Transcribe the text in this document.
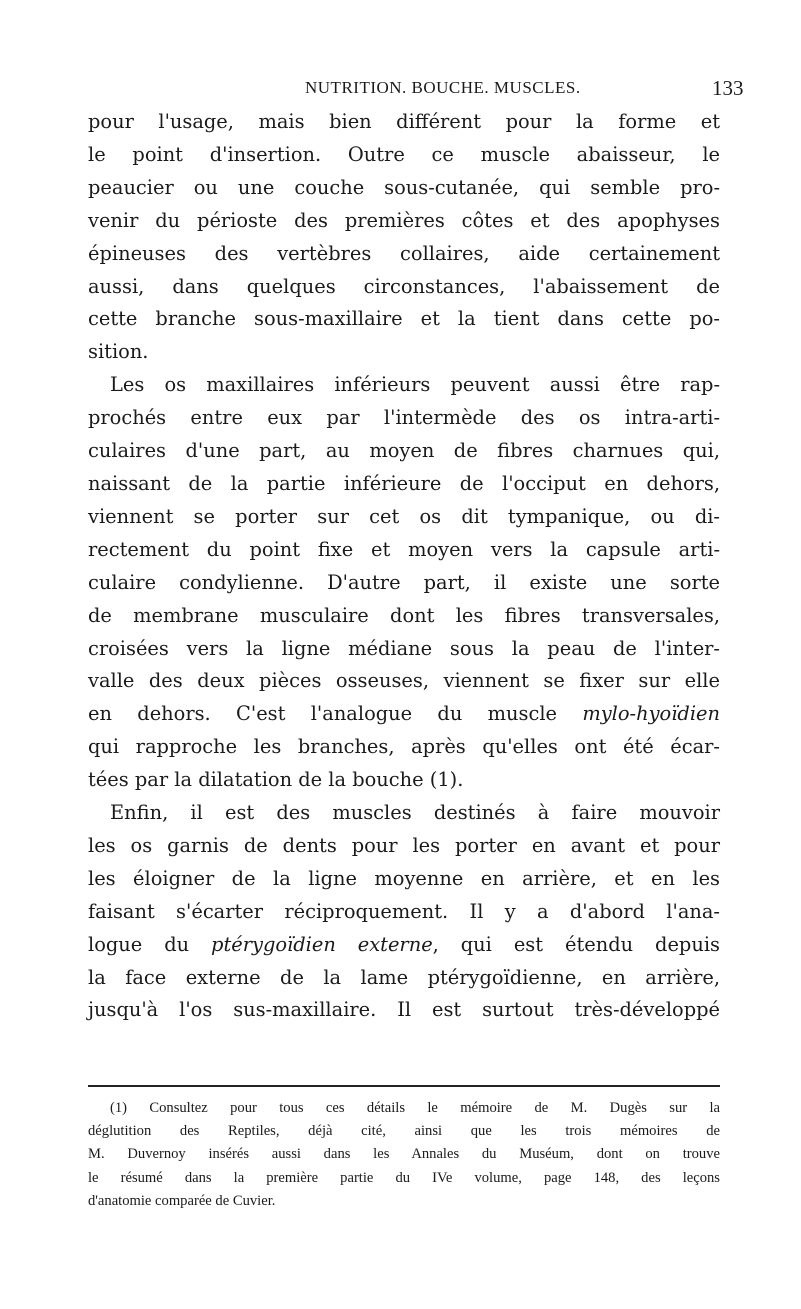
NUTRITION. BOUCHE. MUSCLES.	133
pour l'usage, mais bien différent pour la forme et
le point d'insertion. Outre ce muscle abaisseur, le
peaucier ou une couche sous-cutanée, qui semble pro-
venir du périoste des premières côtes et des apophyses
épineuses des vertèbres collaires, aide certainement
aussi, dans quelques circonstances, l'abaissement de
cette branche sous-maxillaire et la tient dans cette po-
sition.
Les os maxillaires inférieurs peuvent aussi être rap-
prochés entre eux par l'intermède des os intra-arti-
culaires d'une part, au moyen de fibres charnues qui,
naissant de la partie inférieure de l'occiput en dehors,
viennent se porter sur cet os dit tympanique, ou di-
rectement du point fixe et moyen vers la capsule arti-
culaire condylienne. D'autre part, il existe une sorte
de membrane musculaire dont les fibres transversales,
croisées vers la ligne médiane sous la peau de l'inter-
valle des deux pièces osseuses, viennent se fixer sur elle
en dehors. C'est l'analogue du muscle mylo-hyoïdien
qui rapproche les branches, après qu'elles ont été écar-
tées par la dilatation de la bouche (1).
Enfin, il est des muscles destinés à faire mouvoir
les os garnis de dents pour les porter en avant et pour
les éloigner de la ligne moyenne en arrière, et en les
faisant s'écarter réciproquement. Il y a d'abord l'ana-
logue du ptérygoïdien externe, qui est étendu depuis
la face externe de la lame ptérygoïdienne, en arrière,
jusqu'à l'os sus-maxillaire. Il est surtout très-développé
(1) Consultez pour tous ces détails le mémoire de M. Dugès sur la
déglutition des Reptiles, déjà cité, ainsi que les trois mémoires de
M. Duvernoy insérés aussi dans les Annales du Muséum, dont on trouve
le résumé dans la première partie du IVe volume, page 148, des leçons
d'anatomie comparée de Cuvier.
